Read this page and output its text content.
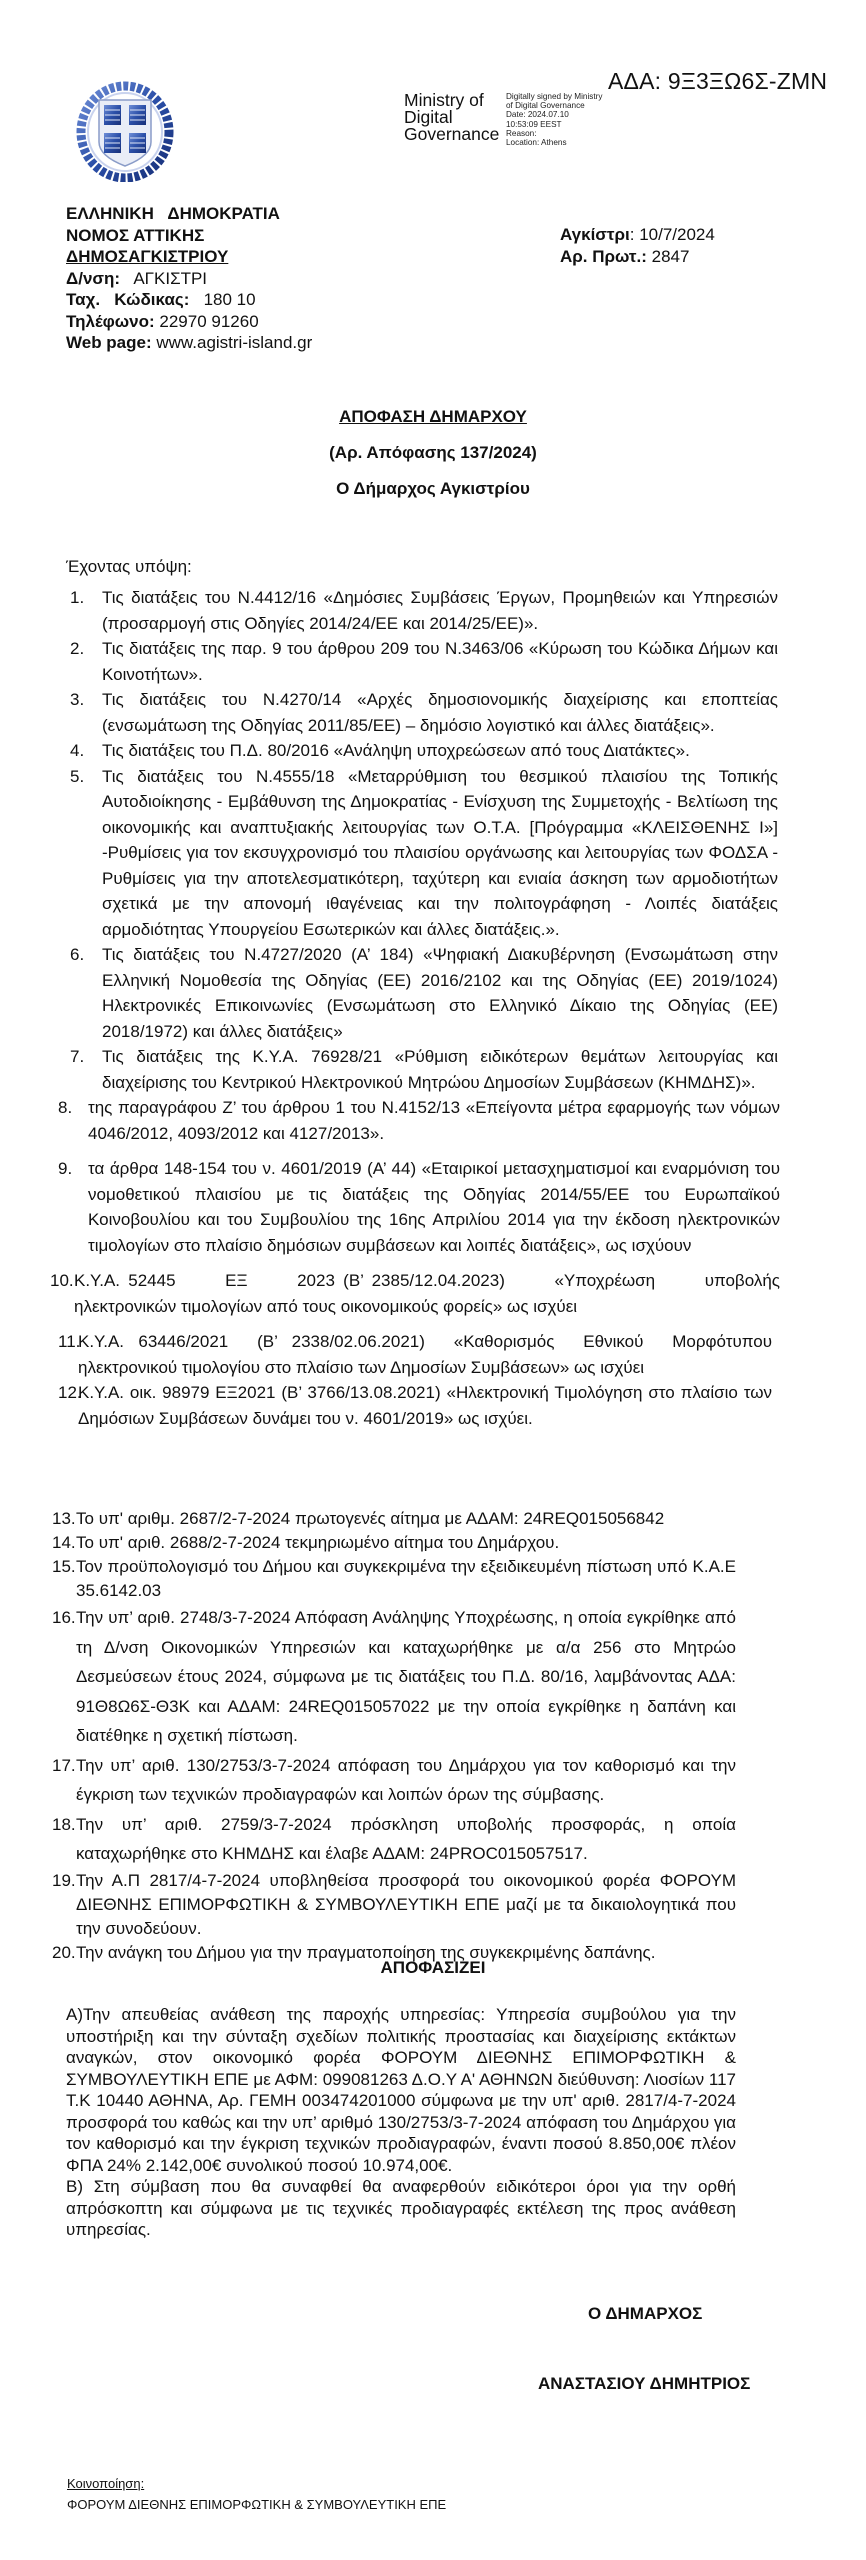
ΑΔΑ: 9Ξ3ΞΩ6Σ-ΖΜΝ
Ministry of
Digital
Governance
Digitally signed by Ministry
of Digital Governance
Date: 2024.07.10
10:53:09 EEST
Reason:
Location: Athens
ΕΛΛΗΝΙΚΗ   ΔΗΜΟΚΡΑΤΙΑ
ΝΟΜΟΣ ΑΤΤΙΚΗΣ
ΔΗΜΟΣΑΓΚΙΣΤΡΙΟΥ
Δ/νση: ΑΓΚΙΣΤΡΙ
Ταχ.   Κώδικας: 180 10
Τηλέφωνο: 22970 91260
Web page: www.agistri-island.gr
Αγκίστρι: 10/7/2024
Αρ. Πρωτ.: 2847
ΑΠΟΦΑΣΗ ΔΗΜΑΡΧΟΥ
(Αρ. Απόφασης 137/2024)
Ο Δήμαρχος Αγκιστρίου
Έχοντας υπόψη:
1. Τις διατάξεις του Ν.4412/16 «Δημόσιες Συμβάσεις Έργων, Προμηθειών και Υπηρεσιών (προσαρμογή στις Οδηγίες 2014/24/ΕΕ και 2014/25/ΕΕ)».
2. Τις διατάξεις της παρ. 9 του άρθρου 209 του Ν.3463/06 «Κύρωση του Κώδικα Δήμων και Κοινοτήτων».
3. Τις διατάξεις του Ν.4270/14 «Αρχές δημοσιονομικής διαχείρισης και εποπτείας (ενσωμάτωση της Οδηγίας 2011/85/ΕΕ) – δημόσιο λογιστικό και άλλες διατάξεις».
4. Τις διατάξεις του Π.Δ. 80/2016 «Ανάληψη υποχρεώσεων από τους Διατάκτες».
5. Τις διατάξεις του Ν.4555/18 «Μεταρρύθμιση του θεσμικού πλαισίου της Τοπικής Αυτοδιοίκησης - Εμβάθυνση της Δημοκρατίας - Ενίσχυση της Συμμετοχής - Βελτίωση της οικονομικής και αναπτυξιακής λειτουργίας των Ο.Τ.Α. [Πρόγραμμα «ΚΛΕΙΣΘΕΝΗΣ Ι»] -Ρυθμίσεις για τον εκσυγχρονισμό του πλαισίου οργάνωσης και λειτουργίας των ΦΟΔΣΑ - Ρυθμίσεις για την αποτελεσματικότερη, ταχύτερη και ενιαία άσκηση των αρμοδιοτήτων σχετικά με την απονομή ιθαγένειας και την πολιτογράφηση - Λοιπές διατάξεις αρμοδιότητας Υπουργείου Εσωτερικών και άλλες διατάξεις.».
6. Τις διατάξεις του Ν.4727/2020 (Α’ 184) «Ψηφιακή Διακυβέρνηση (Ενσωμάτωση στην Ελληνική Νομοθεσία της Οδηγίας (ΕΕ) 2016/2102 και της Οδηγίας (ΕΕ) 2019/1024) Ηλεκτρονικές Επικοινωνίες (Ενσωμάτωση στο Ελληνικό Δίκαιο της Οδηγίας (ΕΕ) 2018/1972) και άλλες διατάξεις»
7. Τις διατάξεις της Κ.Υ.Α. 76928/21 «Ρύθμιση ειδικότερων θεμάτων λειτουργίας και διαχείρισης του Κεντρικού Ηλεκτρονικού Μητρώου Δημοσίων Συμβάσεων (ΚΗΜΔΗΣ)».
8. της παραγράφου Ζ’ του άρθρου 1 του Ν.4152/13 «Επείγοντα μέτρα εφαρμογής των νόμων 4046/2012, 4093/2012 και 4127/2013».
9. τα άρθρα 148-154 του ν. 4601/2019 (Α’ 44) «Εταιρικοί μετασχηματισμοί και εναρμόνιση του νομοθετικού πλαισίου με τις διατάξεις της Οδηγίας 2014/55/ΕΕ του Ευρωπαϊκού Κοινοβουλίου και του Συμβουλίου της 16ης Απριλίου 2014 για την έκδοση ηλεκτρονικών τιμολογίων στο πλαίσιο δημόσιων συμβάσεων και λοιπές διατάξεις», ως ισχύουν
10. Κ.Υ.Α. 52445      ΕΞ      2023 (Β’ 2385/12.04.2023)      «Υποχρέωση      υποβολής ηλεκτρονικών τιμολογίων από τους οικονομικούς φορείς» ως ισχύει
11.
Κ.Υ.Α. 63446/2021  (Β’ 2338/02.06.2021)  «Καθορισμός  Εθνικού  Μορφότυπου ηλεκτρονικού τιμολογίου στο πλαίσιο των Δημοσίων Συμβάσεων» ως ισχύει
12.
Κ.Υ.Α. οικ. 98979 ΕΞ2021 (Β’ 3766/13.08.2021) «Ηλεκτρονική Τιμολόγηση στο πλαίσιο των Δημόσιων Συμβάσεων δυνάμει του ν. 4601/2019» ως ισχύει.
13. Το υπ' αριθμ. 2687/2-7-2024 πρωτογενές αίτημα με ΑΔΑΜ: 24REQ015056842
14. Το υπ' αριθ. 2688/2-7-2024 τεκμηριωμένο αίτημα του Δημάρχου.
15. Τον προϋπολογισμό του Δήμου και συγκεκριμένα την εξειδικευμένη πίστωση υπό Κ.Α.Ε 35.6142.03
16. Την υπ’ αριθ. 2748/3-7-2024 Απόφαση Ανάληψης Υποχρέωσης, η οποία εγκρίθηκε από τη Δ/νση Οικονομικών Υπηρεσιών και καταχωρήθηκε με α/α 256 στο Μητρώο Δεσμεύσεων έτους 2024, σύμφωνα με τις διατάξεις του Π.Δ. 80/16, λαμβάνοντας ΑΔΑ: 91Θ8Ω6Σ-Θ3Κ και ΑΔΑΜ: 24REQ015057022 με την οποία εγκρίθηκε η δαπάνη και διατέθηκε η σχετική πίστωση.
17. Την υπ’ αριθ. 130/2753/3-7-2024 απόφαση του Δημάρχου για τον καθορισμό και την έγκριση των τεχνικών προδιαγραφών και λοιπών όρων της σύμβασης.
18. Την υπ’ αριθ. 2759/3-7-2024 πρόσκληση υποβολής προσφοράς, η οποία καταχωρήθηκε στο ΚΗΜΔΗΣ και έλαβε ΑΔΑΜ: 24PROC015057517.
19. Την Α.Π 2817/4-7-2024 υποβληθείσα προσφορά του οικονομικού φορέα ΦΟΡΟΥΜ ΔΙΕΘΝΗΣ ΕΠΙΜΟΡΦΩΤΙΚΗ & ΣΥΜΒΟΥΛΕΥΤΙΚΗ ΕΠΕ μαζί με τα δικαιολογητικά που την συνοδεύουν.
20. Την ανάγκη του Δήμου για την πραγματοποίηση της συγκεκριμένης δαπάνης.
ΑΠΟΦΑΣΙΖΕΙ
Α)Την απευθείας ανάθεση της παροχής υπηρεσίας: Υπηρεσία συμβούλου για την υποστήριξη και την σύνταξη σχεδίων πολιτικής προστασίας και διαχείρισης εκτάκτων αναγκών, στον οικονομικό φορέα ΦΟΡΟΥΜ ΔΙΕΘΝΗΣ ΕΠΙΜΟΡΦΩΤΙΚΗ & ΣΥΜΒΟΥΛΕΥΤΙΚΗ ΕΠΕ με ΑΦΜ: 099081263 Δ.Ο.Υ Α' ΑΘΗΝΩΝ διεύθυνση: Λιοσίων 117 Τ.Κ 10440 ΑΘΗΝΑ, Αρ. ΓΕΜΗ 003474201000 σύμφωνα με την υπ' αριθ. 2817/4-7-2024 προσφορά του καθώς και την υπ’ αριθμό 130/2753/3-7-2024 απόφαση του Δημάρχου για τον καθορισμό και την έγκριση τεχνικών προδιαγραφών, έναντι ποσού 8.850,00€ πλέον ΦΠΑ 24% 2.142,00€ συνολικού ποσού 10.974,00€.
Β) Στη σύμβαση που θα συναφθεί θα αναφερθούν ειδικότεροι όροι για την ορθή απρόσκοπτη και σύμφωνα με τις τεχνικές προδιαγραφές εκτέλεση της προς ανάθεση υπηρεσίας.
Ο ΔΗΜΑΡΧΟΣ
ΑΝΑΣΤΑΣΙΟΥ ΔΗΜΗΤΡΙΟΣ
Κοινοποίηση:
ΦΟΡΟΥΜ ΔΙΕΘΝΗΣ ΕΠΙΜΟΡΦΩΤΙΚΗ & ΣΥΜΒΟΥΛΕΥΤΙΚΗ ΕΠΕ
